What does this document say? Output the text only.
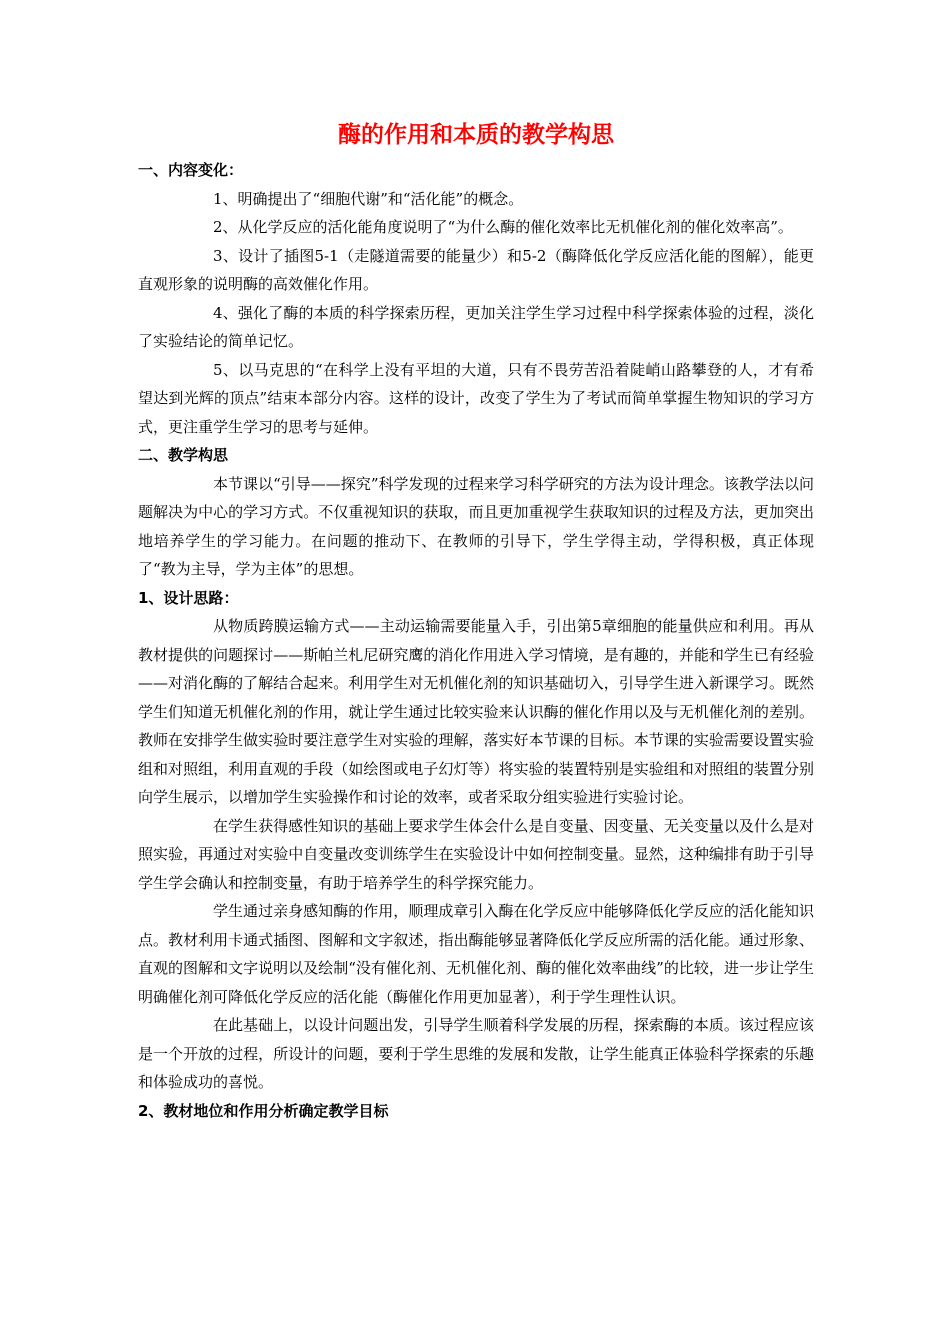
酶的作用和本质的教学构思
一、内容变化：

1、明确提出了“细胞代谢”和“活化能”的概念。

2、从化学反应的活化能角度说明了“为什么酶的催化效率比无机催化剂的催化效率高”。

3、设计了插图5-1（走隧道需要的能量少）和5-2（酶降低化学反应活化能的图解），能更直观形象的说明酶的高效催化作用。

4、强化了酶的本质的科学探索历程，更加关注学生学习过程中科学探索体验的过程，淡化了实验结论的简单记忆。

5、以马克思的“在科学上没有平坦的大道，只有不畏劳苦沿着陡峭山路攀登的人，才有希望达到光辉的顶点”结束本部分内容。这样的设计，改变了学生为了考试而简单掌握生物知识的学习方式，更注重学生学习的思考与延伸。

二、教学构思

本节课以“引导——探究”科学发现的过程来学习科学研究的方法为设计理念。该教学法以问题解决为中心的学习方式。不仅重视知识的获取，而且更加重视学生获取知识的过程及方法，更加突出地培养学生的学习能力。在问题的推动下、在教师的引导下，学生学得主动，学得积极，真正体现了“教为主导，学为主体”的思想。

1、设计思路：

从物质跨膜运输方式——主动运输需要能量入手，引出第5章细胞的能量供应和利用。再从教材提供的问题探讨——斯帕兰札尼研究鹰的消化作用进入学习情境，是有趣的，并能和学生已有经验——对消化酶的了解结合起来。利用学生对无机催化剂的知识基础切入，引导学生进入新课学习。既然学生们知道无机催化剂的作用，就让学生通过比较实验来认识酶的催化作用以及与无机催化剂的差别。教师在安排学生做实验时要注意学生对实验的理解，落实好本节课的目标。本节课的实验需要设置实验组和对照组，利用直观的手段（如绘图或电子幻灯等）将实验的装置特别是实验组和对照组的装置分别向学生展示，以增加学生实验操作和讨论的效率，或者采取分组实验进行实验讨论。

在学生获得感性知识的基础上要求学生体会什么是自变量、因变量、无关变量以及什么是对照实验，再通过对实验中自变量改变训练学生在实验设计中如何控制变量。显然，这种编排有助于引导学生学会确认和控制变量，有助于培养学生的科学探究能力。

学生通过亲身感知酶的作用，顺理成章引入酶在化学反应中能够降低化学反应的活化能知识点。教材利用卡通式插图、图解和文字叙述，指出酶能够显著降低化学反应所需的活化能。通过形象、直观的图解和文字说明以及绘制“没有催化剂、无机催化剂、酶的催化效率曲线”的比较，进一步让学生明确催化剂可降低化学反应的活化能（酶催化作用更加显著），利于学生理性认识。

在此基础上，以设计问题出发，引导学生顺着科学发展的历程，探索酶的本质。该过程应该是一个开放的过程，所设计的问题，要利于学生思维的发展和发散，让学生能真正体验科学探索的乐趣和体验成功的喜悦。

2、教材地位和作用分析确定教学目标
